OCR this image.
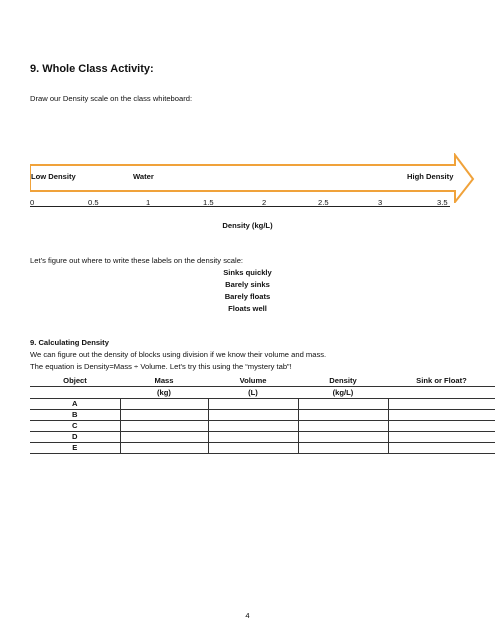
9. Whole Class Activity:
Draw our Density scale on the class whiteboard:
Low Density	Water	High Density
0	0.5	1	1.5	2	2.5	3	3.5
Density (kg/L)
Let’s figure out where to write these labels on the density scale:
Sinks quickly
Barely sinks
Barely floats
Floats well
9. Calculating Density
We can figure out the density of blocks using division if we know their volume and mass.
The equation is Density=Mass ÷ Volume. Let’s try this using the “mystery tab”!
Object	Mass	Volume	Density	Sink or Float?
	(kg)	(L)	(kg/L)	
A				
B				
C				
D				
E				
4
